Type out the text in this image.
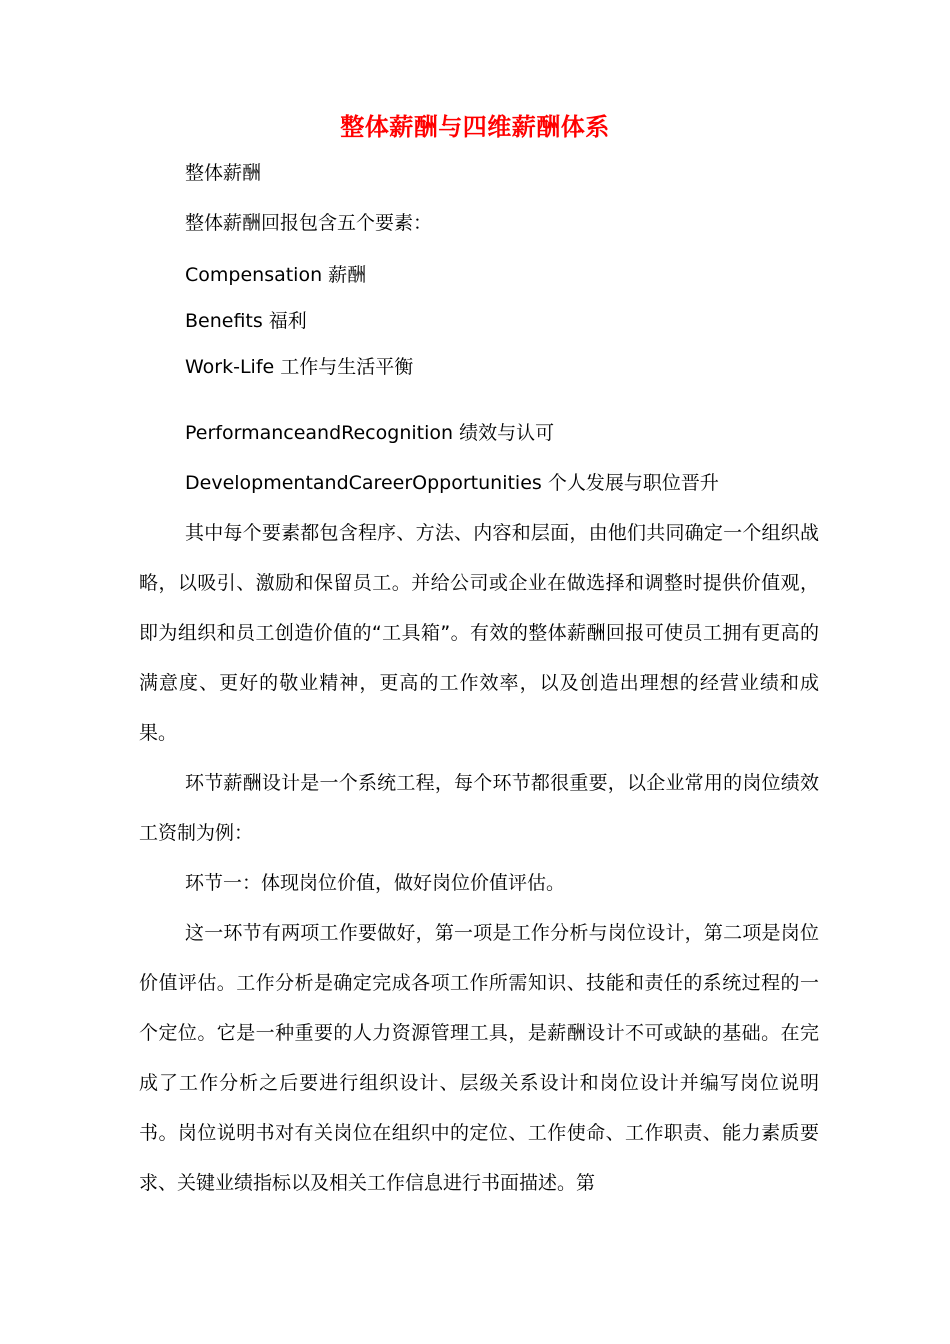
整体薪酬与四维薪酬体系
整体薪酬
整体薪酬回报包含五个要素：
Compensation 薪酬
Benefits 福利
Work-Life 工作与生活平衡
PerformanceandRecognition 绩效与认可
DevelopmentandCareerOpportunities 个人发展与职位晋升

其中每个要素都包含程序、方法、内容和层面，由他们共同确定一个组织战略，以吸引、激励和保留员工。并给公司或企业在做选择和调整时提供价值观，即为组织和员工创造价值的“工具箱”。有效的整体薪酬回报可使员工拥有更高的满意度、更好的敬业精神，更高的工作效率，以及创造出理想的经营业绩和成果。

环节薪酬设计是一个系统工程，每个环节都很重要，以企业常用的岗位绩效工资制为例：

环节一：体现岗位价值，做好岗位价值评估。

这一环节有两项工作要做好，第一项是工作分析与岗位设计，第二项是岗位价值评估。工作分析是确定完成各项工作所需知识、技能和责任的系统过程的一个定位。它是一种重要的人力资源管理工具，是薪酬设计不可或缺的基础。在完成了工作分析之后要进行组织设计、层级关系设计和岗位设计并编写岗位说明书。岗位说明书对有关岗位在组织中的定位、工作使命、工作职责、能力素质要求、关键业绩指标以及相关工作信息进行书面描述。第
